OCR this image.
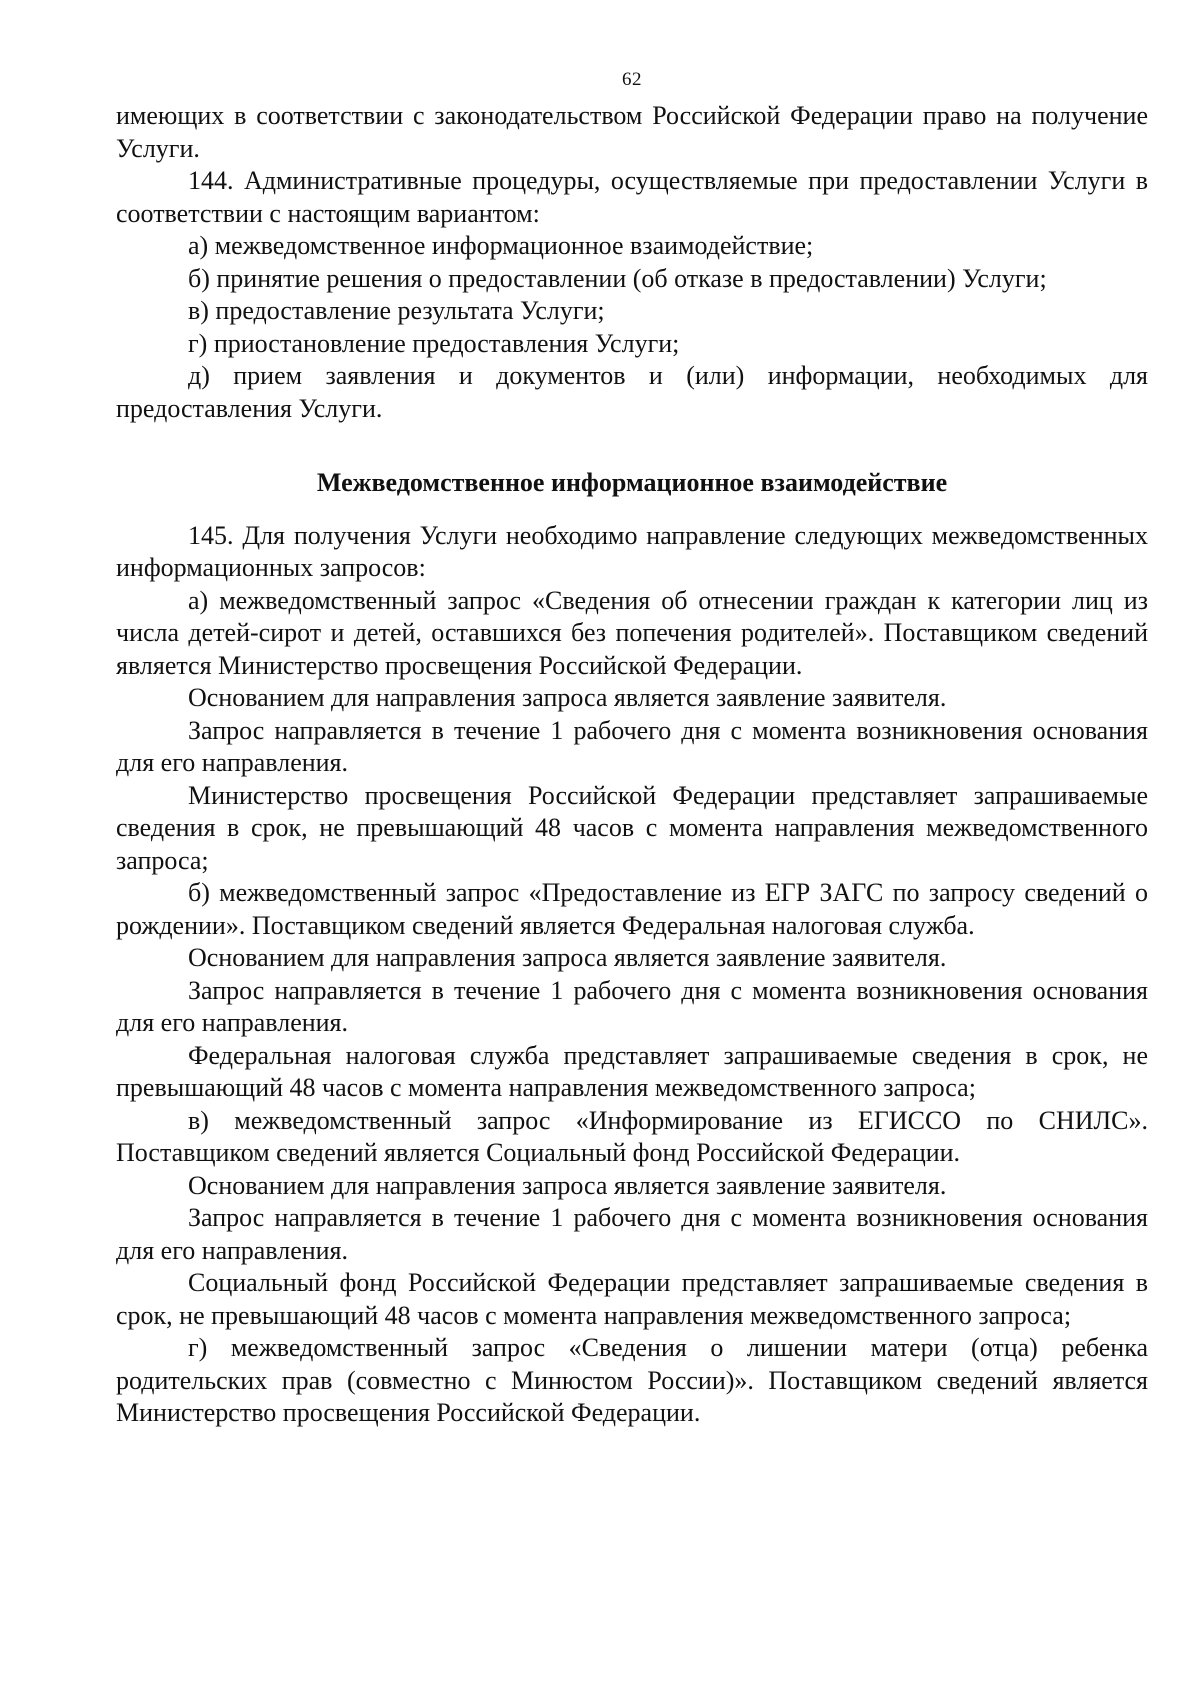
62

имеющих в соответствии с законодательством Российской Федерации право на получение Услуги.

144. Административные процедуры, осуществляемые при предоставлении Услуги в соответствии с настоящим вариантом:

а) межведомственное информационное взаимодействие;

б) принятие решения о предоставлении (об отказе в предоставлении) Услуги;

в) предоставление результата Услуги;

г) приостановление предоставления Услуги;

д) прием заявления и документов и (или) информации, необходимых для предоставления Услуги.

Межведомственное информационное взаимодействие

145. Для получения Услуги необходимо направление следующих межведомственных информационных запросов:

а) межведомственный запрос «Сведения об отнесении граждан к категории лиц из числа детей-сирот и детей, оставшихся без попечения родителей». Поставщиком сведений является Министерство просвещения Российской Федерации.

Основанием для направления запроса является заявление заявителя.

Запрос направляется в течение 1 рабочего дня с момента возникновения основания для его направления.

Министерство просвещения Российской Федерации представляет запрашиваемые сведения в срок, не превышающий 48 часов с момента направления межведомственного запроса;

б) межведомственный запрос «Предоставление из ЕГР ЗАГС по запросу сведений о рождении». Поставщиком сведений является Федеральная налоговая служба.

Основанием для направления запроса является заявление заявителя.

Запрос направляется в течение 1 рабочего дня с момента возникновения основания для его направления.

Федеральная налоговая служба представляет запрашиваемые сведения в срок, не превышающий 48 часов с момента направления межведомственного запроса;

в) межведомственный запрос «Информирование из ЕГИССО по СНИЛС». Поставщиком сведений является Социальный фонд Российской Федерации.

Основанием для направления запроса является заявление заявителя.

Запрос направляется в течение 1 рабочего дня с момента возникновения основания для его направления.

Социальный фонд Российской Федерации представляет запрашиваемые сведения в срок, не превышающий 48 часов с момента направления межведомственного запроса;

г) межведомственный запрос «Сведения о лишении матери (отца) ребенка родительских прав (совместно с Минюстом России)». Поставщиком сведений является Министерство просвещения Российской Федерации.
